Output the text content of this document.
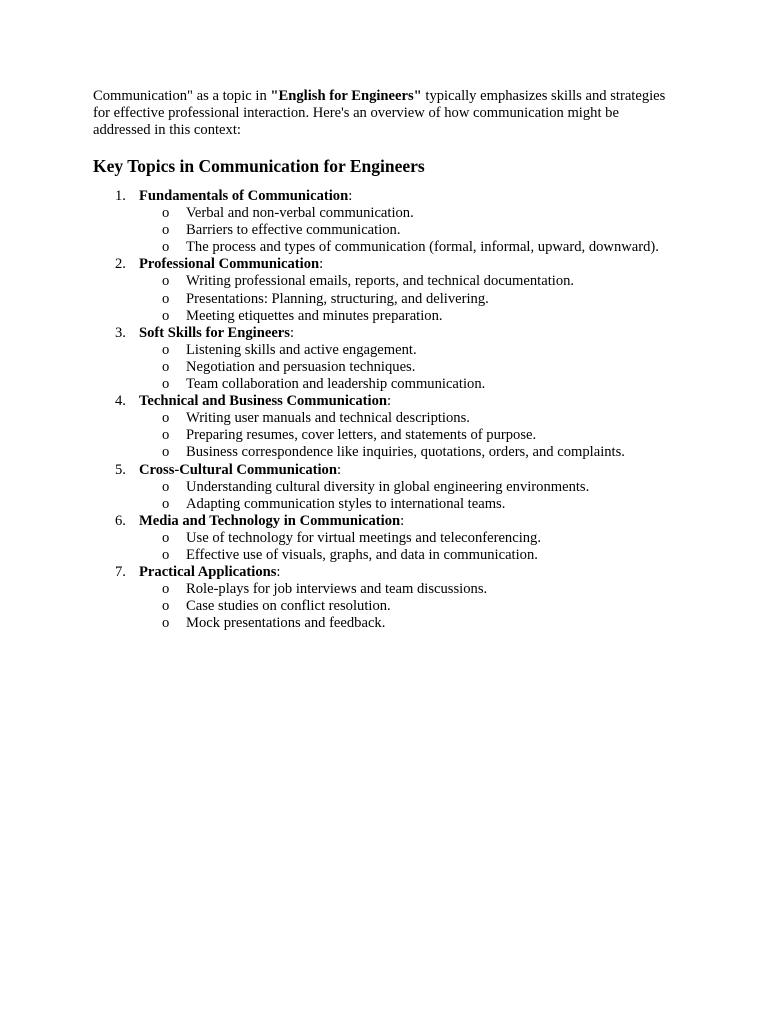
Communication" as a topic in "English for Engineers" typically emphasizes skills and strategies for effective professional interaction. Here's an overview of how communication might be addressed in this context:

Key Topics in Communication for Engineers
1. Fundamentals of Communication:
o Verbal and non-verbal communication.
o Barriers to effective communication.
o The process and types of communication (formal, informal, upward, downward).
2. Professional Communication:
o Writing professional emails, reports, and technical documentation.
o Presentations: Planning, structuring, and delivering.
o Meeting etiquettes and minutes preparation.
3. Soft Skills for Engineers:
o Listening skills and active engagement.
o Negotiation and persuasion techniques.
o Team collaboration and leadership communication.
4. Technical and Business Communication:
o Writing user manuals and technical descriptions.
o Preparing resumes, cover letters, and statements of purpose.
o Business correspondence like inquiries, quotations, orders, and complaints.
5. Cross-Cultural Communication:
o Understanding cultural diversity in global engineering environments.
o Adapting communication styles to international teams.
6. Media and Technology in Communication:
o Use of technology for virtual meetings and teleconferencing.
o Effective use of visuals, graphs, and data in communication.
7. Practical Applications:
o Role-plays for job interviews and team discussions.
o Case studies on conflict resolution.
o Mock presentations and feedback.
